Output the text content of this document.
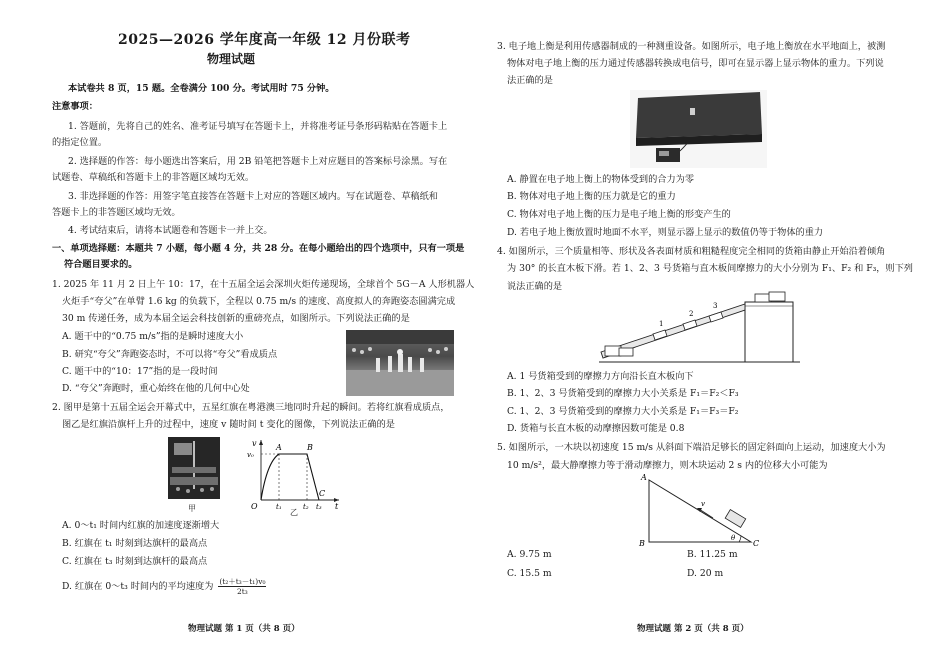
2025—2026 学年度高一年级 12 月份联考
物理试题
本试卷共 8 页，15 题。全卷满分 100 分。考试用时 75 分钟。
注意事项：
1. 答题前，先将自己的姓名、准考证号填写在答题卡上，并将准考证号条形码粘贴在答题卡上
的指定位置。
2. 选择题的作答：每小题选出答案后，用 2B 铅笔把答题卡上对应题目的答案标号涂黑。写在
试题卷、草稿纸和答题卡上的非答题区域均无效。
3. 非选择题的作答：用签字笔直接答在答题卡上对应的答题区域内。写在试题卷、草稿纸和
答题卡上的非答题区域均无效。
4. 考试结束后，请将本试题卷和答题卡一并上交。
一、单项选择题：本题共 7 小题，每小题 4 分，共 28 分。在每小题给出的四个选项中，只有一项是
符合题目要求的。
1. 2025 年 11 月 2 日上午 10：17，在十五届全运会深圳火炬传递现场，全球首个 5G－A 人形机器人
火炬手“夸父”在单臂 1.6 kg 的负载下，全程以 0.75 m/s 的速度、高度拟人的奔跑姿态圆满完成
30 m 传递任务，成为本届全运会科技创新的重磅亮点，如图所示。下列说法正确的是
A. 题干中的“0.75 m/s”指的是瞬时速度大小
B. 研究“夸父”奔跑姿态时，不可以将“夸父”看成质点
C. 题干中的“10：17”指的是一段时间
D. “夸父”奔跑时，重心始终在他的几何中心处
2. 图甲是第十五届全运会开幕式中，五星红旗在粤港澳三地同时升起的瞬间。若将红旗看成质点，
图乙是红旗沿旗杆上升的过程中，速度 v 随时间 t 变化的图像，下列说法正确的是
甲
v
v₀
t
O	t₁	t₂ t₃
A	B
C
乙
A. 0～t₁ 时间内红旗的加速度逐渐增大
B. 红旗在 t₁ 时刻到达旗杆的最高点
C. 红旗在 t₃ 时刻到达旗杆的最高点
D. 红旗在 0～t₃ 时间内的平均速度为 $\frac{\text{(t₂＋t₃－t₁)v₀}}{\text{2t₃}}$
物理试题 第 1 页（共 8 页）
3. 电子地上衡是利用传感器制成的一种测重设备。如图所示，电子地上衡放在水平地面上，被测
物体对电子地上衡的压力通过传感器转换成电信号，即可在显示器上显示物体的重力。下列说
法正确的是
A. 静置在电子地上衡上的物体受到的合力为零
B. 物体对电子地上衡的压力就是它的重力
C. 物体对电子地上衡的压力是电子地上衡的形变产生的
D. 若电子地上衡放置时地面不水平，则显示器上显示的数值仍等于物体的重力
4. 如图所示，三个质量相等、形状及各表面材质和粗糙程度完全相同的货箱由静止开始沿着倾角
为 30° 的长直木板下滑。若 1、2、3 号货箱与直木板间摩擦力的大小分别为 F₁、F₂ 和 F₃，则下列
说法正确的是
1
2
3
A. 1 号货箱受到的摩擦力方向沿长直木板向下
B. 1、2、3 号货箱受到的摩擦力大小关系是 F₁＝F₂＜F₃
C. 1、2、3 号货箱受到的摩擦力大小关系是 F₁＝F₃＝F₂
D. 货箱与长直木板的动摩擦因数可能是 0.8
5. 如图所示，一木块以初速度 15 m/s 从斜面下端沿足够长的固定斜面向上运动，加速度大小为
10 m/s²，最大静摩擦力等于滑动摩擦力，则木块运动 2 s 内的位移大小可能为
A
B	C
v
θ
A. 9.75 m	B. 11.25 m
C. 15.5 m	D. 20 m
物理试题 第 2 页（共 8 页）
